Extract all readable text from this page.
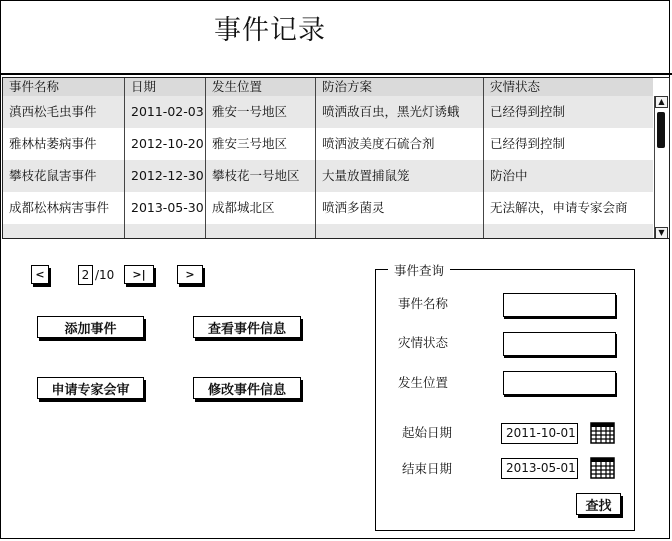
事件记录
事件名称	日期	发生位置	防治方案	灾情状态
滇西松毛虫事件	2011-02-03 雅安一号地区	喷洒敌百虫，黑光灯诱蛾	已经得到控制
雅林枯萎病事件	2012-10-20 雅安三号地区	喷洒波美度石硫合剂	已经得到控制
攀枝花鼠害事件	2012-12-30 攀枝花一号地区	大量放置捕鼠笼	防治中
成都松林病害事件	2013-05-30 成都城北区	喷洒多菌灵	无法解决，申请专家会商
▲
▼
<	2 /10	>|	>
添加事件	查看事件信息
申请专家会审	修改事件信息
事件查询
事件名称
灾情状态
发生位置
起始日期	2011-10-01
结束日期	2013-05-01
查找
